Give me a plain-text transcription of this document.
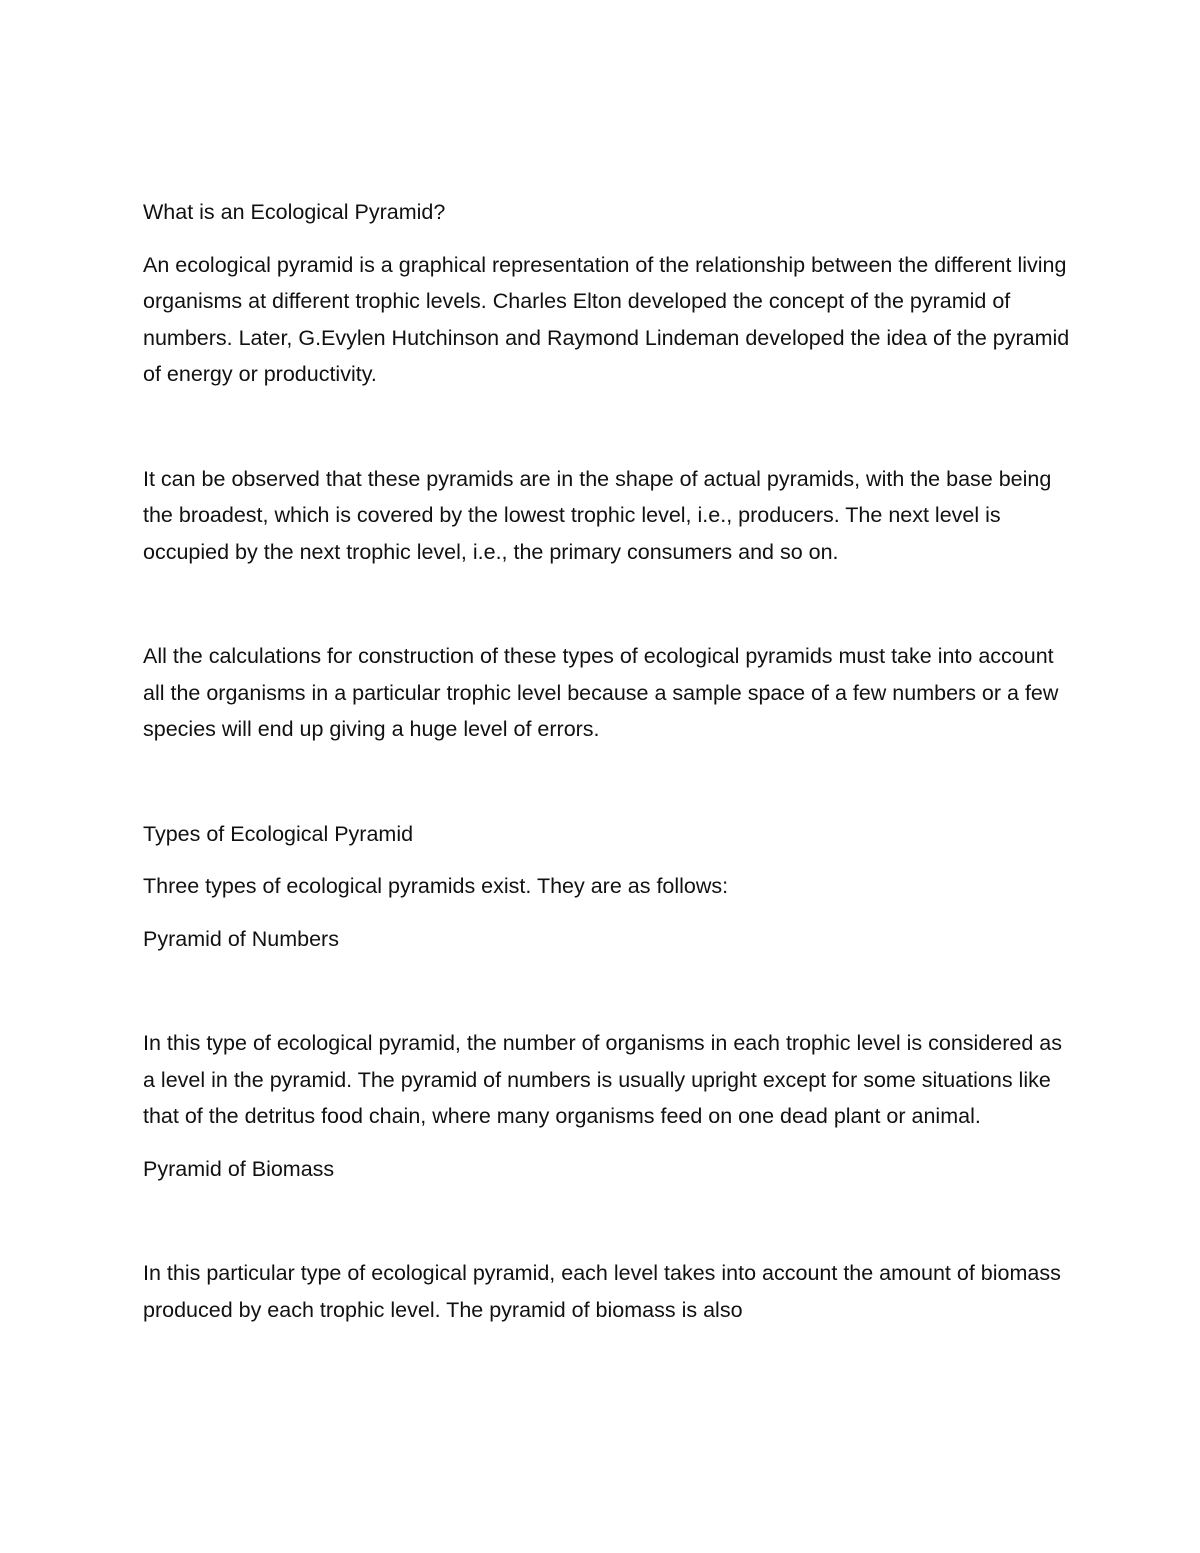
What is an Ecological Pyramid?

An ecological pyramid is a graphical representation of the relationship between the different living organisms at different trophic levels. Charles Elton developed the concept of the pyramid of numbers. Later, G.Evylen Hutchinson and Raymond Lindeman developed the idea of the pyramid of energy or productivity.

It can be observed that these pyramids are in the shape of actual pyramids, with the base being the broadest, which is covered by the lowest trophic level, i.e., producers. The next level is occupied by the next trophic level, i.e., the primary consumers and so on.

All the calculations for construction of these types of ecological pyramids must take into account all the organisms in a particular trophic level because a sample space of a few numbers or a few species will end up giving a huge level of errors.

Types of Ecological Pyramid

Three types of ecological pyramids exist. They are as follows:

Pyramid of Numbers

In this type of ecological pyramid, the number of organisms in each trophic level is considered as a level in the pyramid. The pyramid of numbers is usually upright except for some situations like that of the detritus food chain, where many organisms feed on one dead plant or animal.

Pyramid of Biomass

In this particular type of ecological pyramid, each level takes into account the amount of biomass produced by each trophic level. The pyramid of biomass is also
